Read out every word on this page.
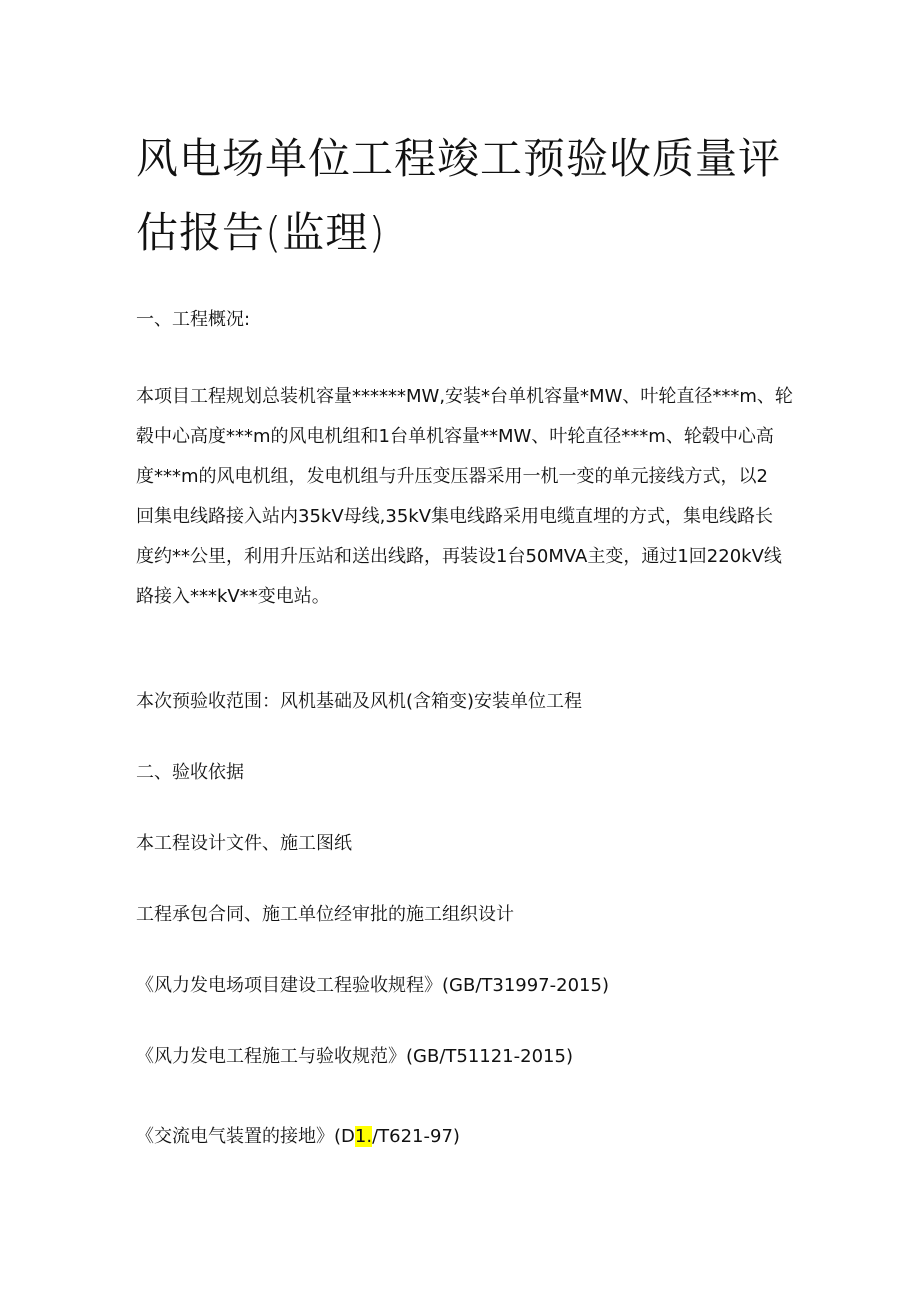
风电场单位工程竣工预验收质量评估报告(监理)

一、工程概况:

本项目工程规划总装机容量******MW,安装*台单机容量*MW、叶轮直径***m、轮
毂中心高度***m的风电机组和1台单机容量**MW、叶轮直径***m、轮毂中心高
度***m的风电机组，发电机组与升压变压器采用一机一变的单元接线方式，以2
回集电线路接入站内35kV母线,35kV集电线路采用电缆直埋的方式，集电线路长
度约**公里，利用升压站和送出线路，再装设1台50MVA主变，通过1回220kV线
路接入***kV**变电站。

本次预验收范围：风机基础及风机(含箱变)安装单位工程

二、验收依据

本工程设计文件、施工图纸

工程承包合同、施工单位经审批的施工组织设计

《风力发电场项目建设工程验收规程》(GB/T31997-2015)

《风力发电工程施工与验收规范》(GB/T51121-2015)

《交流电气装置的接地》(D1./T621-97)
